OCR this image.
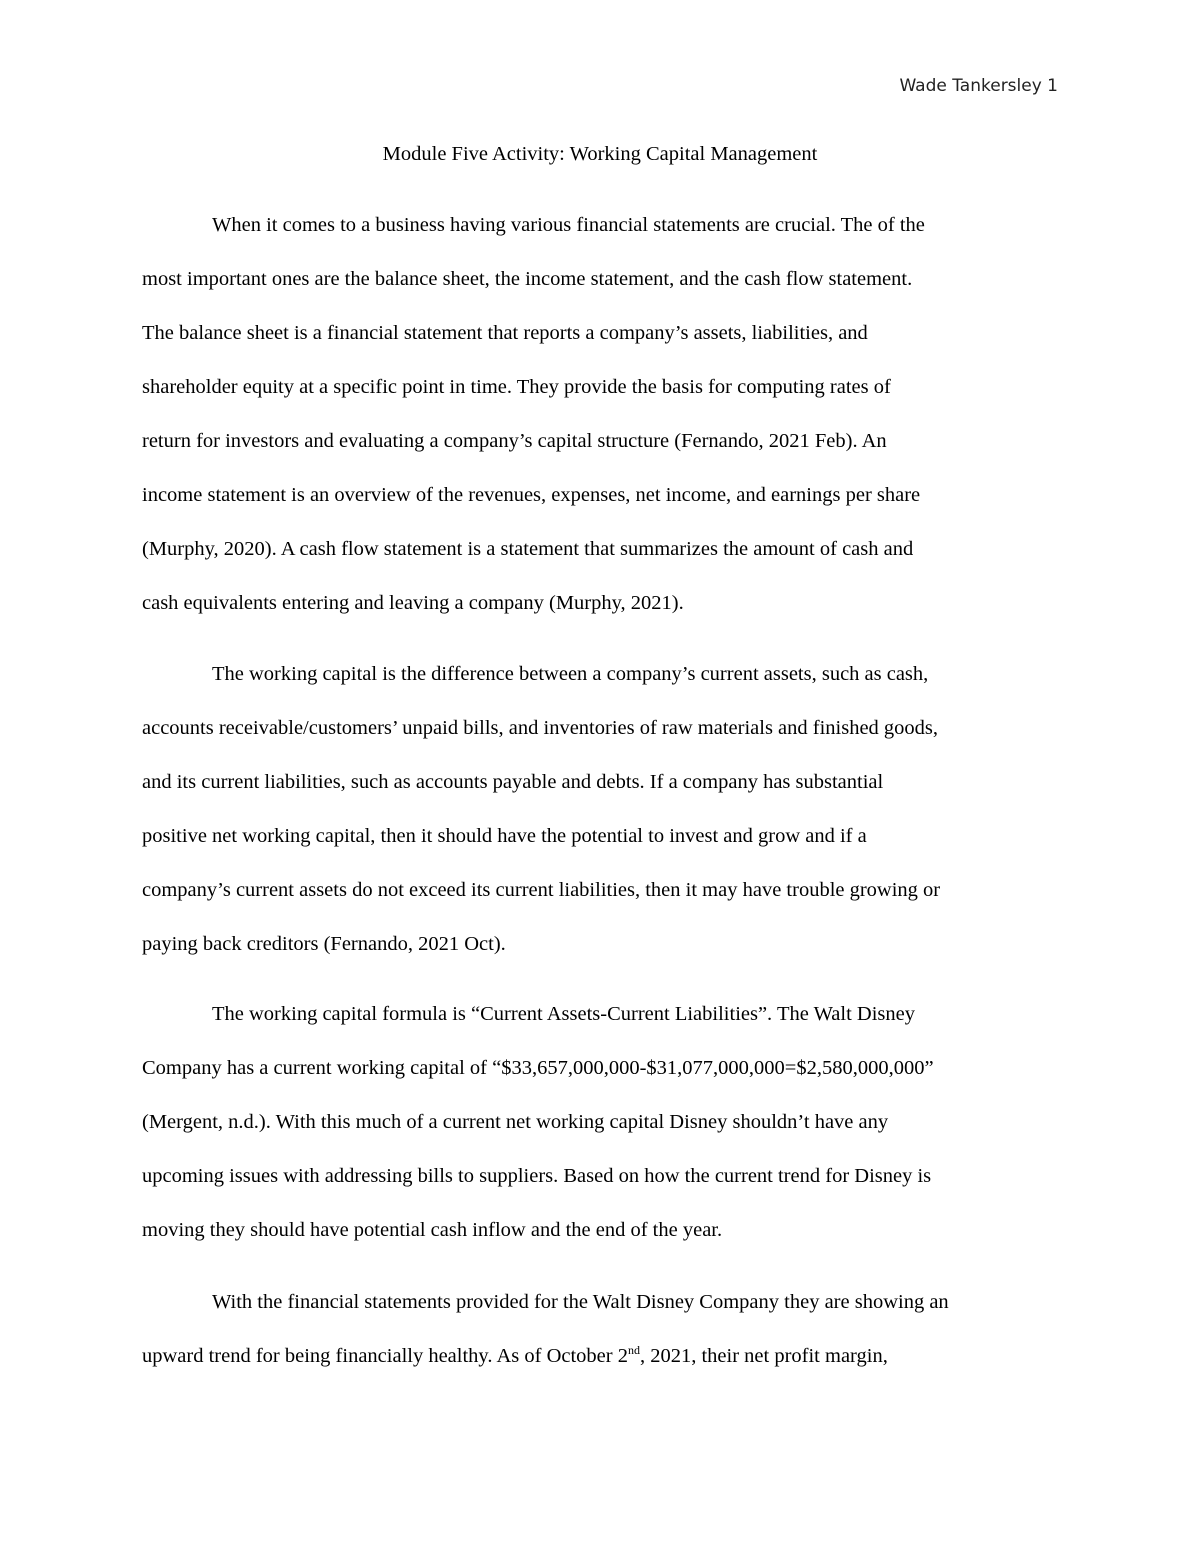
Wade Tankersley 1
Module Five Activity: Working Capital Management
When it comes to a business having various financial statements are crucial. The of the
most important ones are the balance sheet, the income statement, and the cash flow statement.
The balance sheet is a financial statement that reports a company’s assets, liabilities, and
shareholder equity at a specific point in time. They provide the basis for computing rates of
return for investors and evaluating a company’s capital structure (Fernando, 2021 Feb). An
income statement is an overview of the revenues, expenses, net income, and earnings per share
(Murphy, 2020). A cash flow statement is a statement that summarizes the amount of cash and
cash equivalents entering and leaving a company (Murphy, 2021).
The working capital is the difference between a company’s current assets, such as cash,
accounts receivable/customers’ unpaid bills, and inventories of raw materials and finished goods,
and its current liabilities, such as accounts payable and debts. If a company has substantial
positive net working capital, then it should have the potential to invest and grow and if a
company’s current assets do not exceed its current liabilities, then it may have trouble growing or
paying back creditors (Fernando, 2021 Oct).
The working capital formula is “Current Assets-Current Liabilities”. The Walt Disney
Company has a current working capital of “$33,657,000,000-$31,077,000,000=$2,580,000,000”
(Mergent, n.d.). With this much of a current net working capital Disney shouldn’t have any
upcoming issues with addressing bills to suppliers. Based on how the current trend for Disney is
moving they should have potential cash inflow and the end of the year.
With the financial statements provided for the Walt Disney Company they are showing an
upward trend for being financially healthy. As of October 2nd, 2021, their net profit margin,
